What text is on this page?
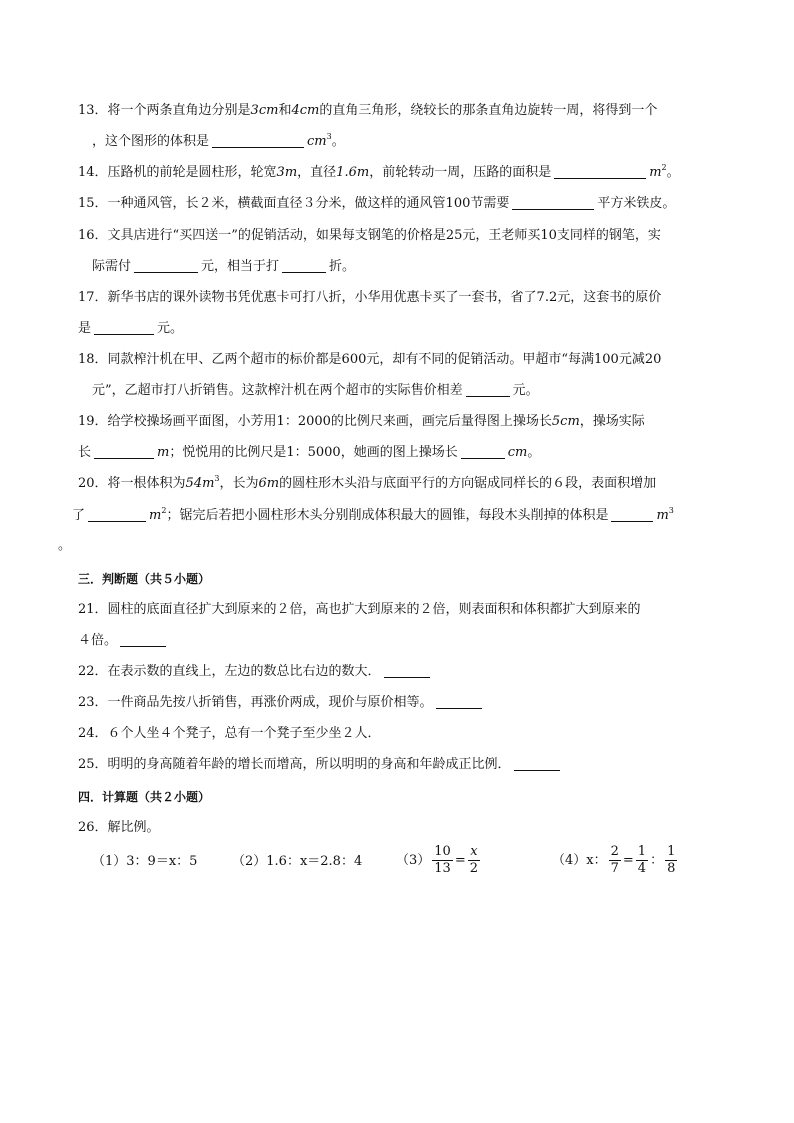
13．将一个两条直角边分别是3cm和4cm的直角三角形，绕较长的那条直角边旋转一周，将得到一个
，这个图形的体积是	$cm^3$。
14．压路机的前轮是圆柱形，轮宽3m，直径1.6m，前轮转动一周，压路的面积是	$m^2$。
15．一种通风管，长２米，横截面直径３分米，做这样的通风管100节需要	平方米铁皮。
16．文具店进行“买四送一”的促销活动，如果每支钢笔的价格是25元，王老师买10支同样的钢笔，实
际需付	元，相当于打	折。
17．新华书店的课外读物书凭优惠卡可打八折，小华用优惠卡买了一套书，省了7.2元，这套书的原价
是	元。
18．同款榨汁机在甲、乙两个超市的标价都是600元，却有不同的促销活动。甲超市“每满100元减20
元”，乙超市打八折销售。这款榨汁机在两个超市的实际售价相差	元。
19．给学校操场画平面图，小芳用1：2000的比例尺来画，画完后量得图上操场长5cm，操场实际
长	m；悦悦用的比例尺是1：5000，她画的图上操场长	cm。
20．将一根体积为$54m^3$，长为6m的圆柱形木头沿与底面平行的方向锯成同样长的６段，表面积增加
了	$m^2$；锯完后若把小圆柱形木头分别削成体积最大的圆锥，每段木头削掉的体积是	$m^3$
。
三．判断题（共５小题）
21．圆柱的底面直径扩大到原来的２倍，高也扩大到原来的２倍，则表面积和体积都扩大到原来的
４倍。
22．在表示数的直线上，左边的数总比右边的数大．
23．一件商品先按八折销售，再涨价两成，现价与原价相等。
24．６个人坐４个凳子，总有一个凳子至少坐２人．
25．明明的身高随着年龄的增长而增高，所以明明的身高和年龄成正比例．
四．计算题（共２小题）
26．解比例。
（1）3：9＝x：5	（2）1.6：x＝2.8：4	$(3) \frac{10}{13} = \frac{x}{2}$	（4）x： $\frac{2}{7} = \frac{1}{4}$ ： $\frac{1}{8}$
